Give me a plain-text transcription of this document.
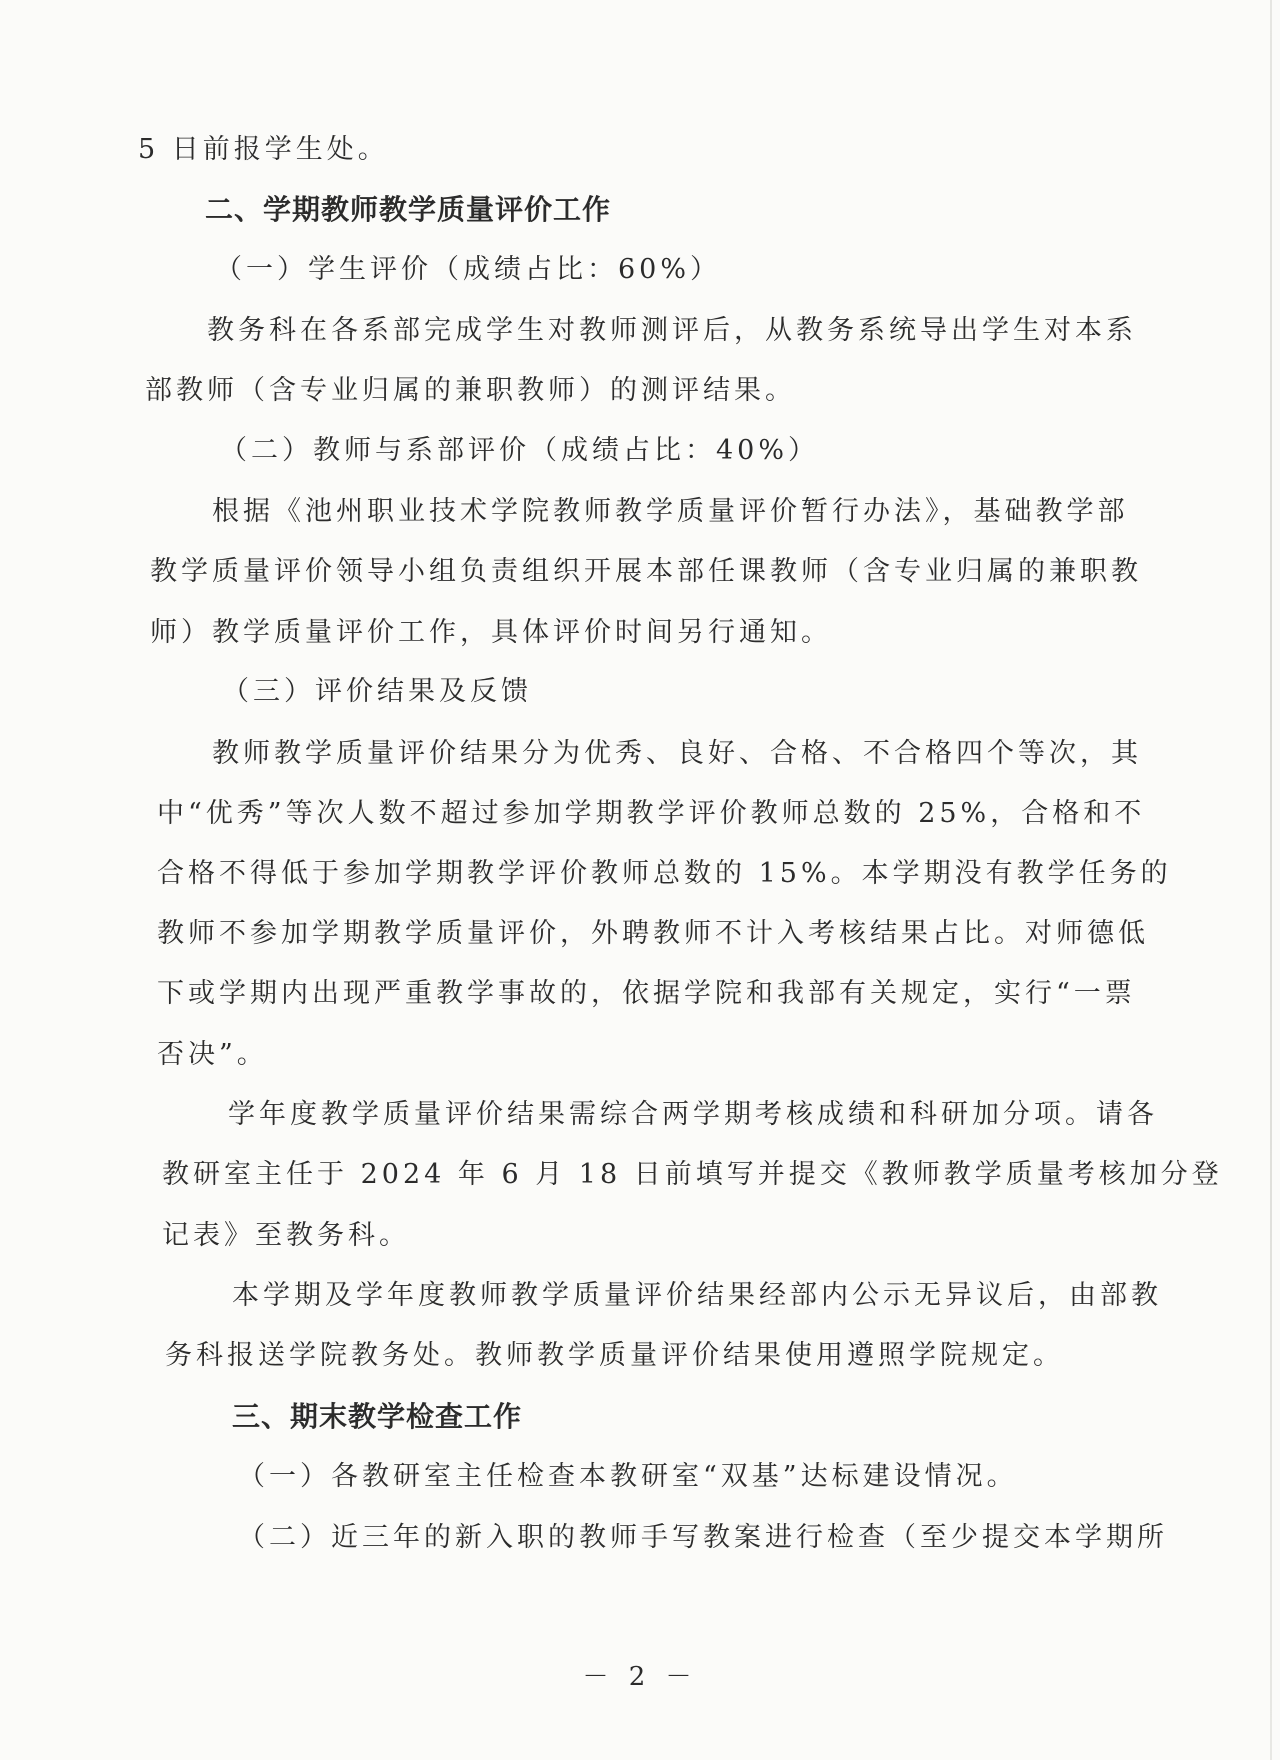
5 日前报学生处。
二、学期教师教学质量评价工作
（一）学生评价（成绩占比：60%）
教务科在各系部完成学生对教师测评后，从教务系统导出学生对本系
部教师（含专业归属的兼职教师）的测评结果。
（二）教师与系部评价（成绩占比：40%）
根据《池州职业技术学院教师教学质量评价暂行办法》，基础教学部
教学质量评价领导小组负责组织开展本部任课教师（含专业归属的兼职教
师）教学质量评价工作，具体评价时间另行通知。
（三）评价结果及反馈
教师教学质量评价结果分为优秀、良好、合格、不合格四个等次，其
中“优秀”等次人数不超过参加学期教学评价教师总数的 25%，合格和不
合格不得低于参加学期教学评价教师总数的 15%。本学期没有教学任务的
教师不参加学期教学质量评价，外聘教师不计入考核结果占比。对师德低
下或学期内出现严重教学事故的，依据学院和我部有关规定，实行“一票
否决”。
学年度教学质量评价结果需综合两学期考核成绩和科研加分项。请各
教研室主任于 2024 年 6 月 18 日前填写并提交《教师教学质量考核加分登
记表》至教务科。
本学期及学年度教师教学质量评价结果经部内公示无异议后，由部教
务科报送学院教务处。教师教学质量评价结果使用遵照学院规定。
三、期末教学检查工作
（一）各教研室主任检查本教研室“双基”达标建设情况。
（二）近三年的新入职的教师手写教案进行检查（至少提交本学期所
－ 2 －
